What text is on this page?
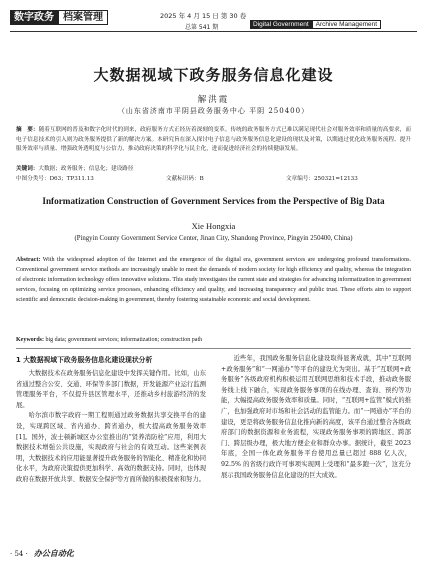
数字政务 档案管理	2025 年 4 月 15 日 第 30 卷
总第 541 期	Digital Government	Archive Management
大数据视域下政务服务信息化建设
解洪霞
（山东省济南市平阴县政务服务中心 平阴 250400）
摘　要：随着互联网的普及和数字化时代的到来，政府服务方式正经历着深刻的变革。传统的政务服务方式已难以满足现代社会对服务效率和质量的高要求，而电子信息技术的引入则为政务服务提供了新的解决方案。本研究旨在深入探讨电子信息与政务服务信息化建设的现状及对策，以期通过优化政务服务流程、提升服务效率与质量、增强政务透明度与公信力，推动政府决策的科学化与民主化，进而促进经济社会的持续健康发展。
关键词：大数据；政务服务；信息化；建设路径
中图分类号：D63；TP311.13	文献标识码：B	文章编号：250321=12133
Informatization Construction of Government Services from the Perspective of Big Data
Xie Hongxia
(Pingyin County Government Service Center, Jinan City, Shandong Province, Pingyin 250400, China)
Abstract: With the widespread adoption of the Internet and the emergence of the digital era, government services are undergoing profound transformations. Conventional government service methods are increasingly unable to meet the demands of modern society for high efficiency and quality, whereas the integration of electronic information technology offers innovative solutions. This study investigates the current state and strategies for advancing informatization in government services, focusing on optimizing service processes, enhancing efficiency and quality, and increasing transparency and public trust. These efforts aim to support scientific and democratic decision-making in government, thereby fostering sustainable economic and social development.
Keywords: big data; government services; informatization; construction path
1 大数据视域下政务服务信息化建设现状分析

大数据技术在政务服务信息化建设中发挥关键作用。比如，山东省通过整合公安、交通、环保等多部门数据，开发能源产业运行监测管理服务平台，不仅提升县区管理水平，还推动乡村旅游经济的发展。

哈尔滨市数字政府一期工程则通过政务数据共享交换平台的建设，实现跨区域、省内通办、跨省通办，极大提高政务服务效率[1]。国外，波士顿新城区办公室推出的“贤养消防栓”应用，利用大数据技术增强公共设施，实现政府与社会的有效互动。这些案例表明，大数据技术的应用能显著提升政务服务的智能化、精准化和协同化水平，为政府决策提供更加科学、高效的数据支持。同时，也体现政府在数据开放共享、数据安全保护等方面所做的积极探索和努力。

近些年，我国政务服务信息化建设取得显著成就，其中“互联网+政务服务”和“一网通办”等平台的建设尤为突出。基于“互联网+政务服务”各级政府机构积极运用互联网思维和技术手段，推动政务服务线上线下融合，实现政务服务事项的在线办理、查询、预约等功能，大幅提高政务服务效率和质量。同时，“互联网+监管”模式的推广，也加强政府对市场和社会活动的监管能力。而“一网通办”平台的建设，更是将政务服务信息化推向新的高度，该平台通过整合各级政府部门的数据资源和业务流程，实现政务服务事项的跨地区、跨部门、跨层级办理，极大地方便企业和群众办事。据统计，截至 2023 年底，全国一体化政务服务平台使用总量已超过 888 亿人次，92.5% 的省级行政许可事项实现网上受理和“最多跑一次”，这充分展示我国政务服务信息化建设的巨大成效。

· 54 · 办公自动化
